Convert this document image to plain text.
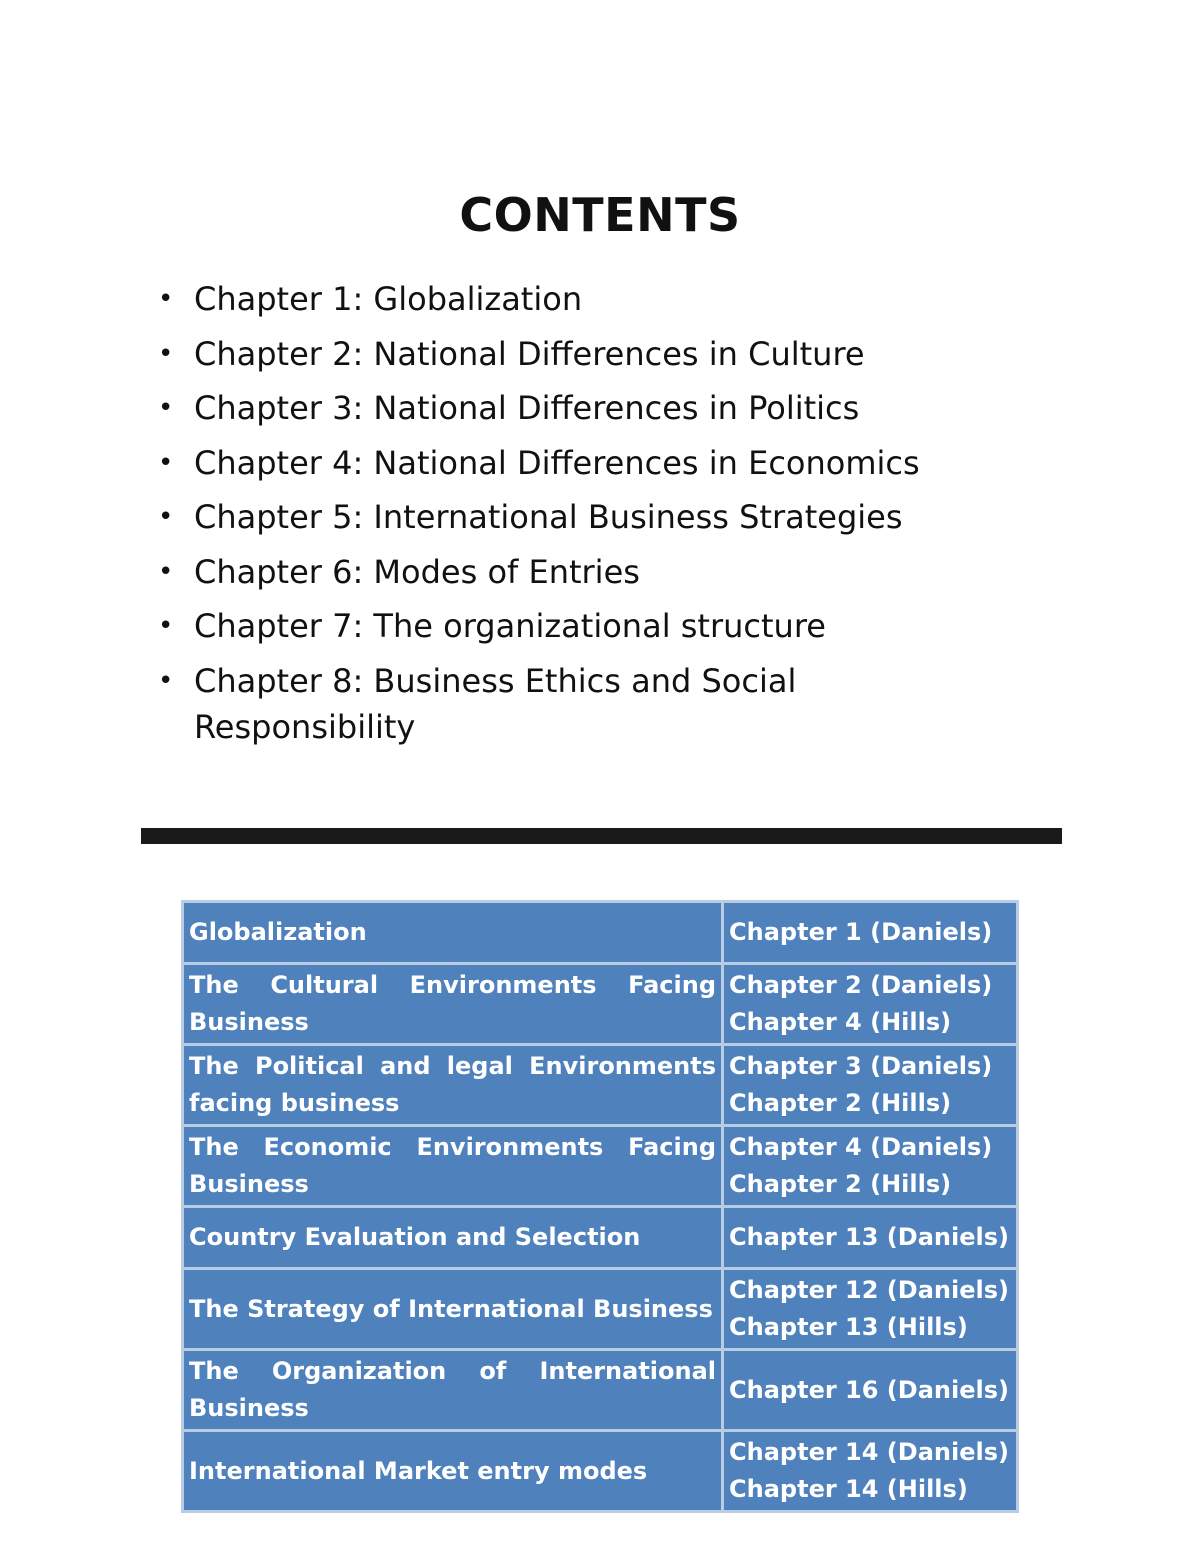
CONTENTS
• Chapter 1: Globalization
• Chapter 2: National Differences in Culture
• Chapter 3: National Differences in Politics
• Chapter 4: National Differences in Economics
• Chapter 5: International Business Strategies
• Chapter 6: Modes of Entries
• Chapter 7: The organizational structure
• Chapter 8: Business Ethics and Social Responsibility
Globalization	Chapter 1 (Daniels)

The Cultural Environments Facing Business	Chapter 2 (Daniels)
Chapter 4 (Hills)

The Political and legal Environments facing business	Chapter 3 (Daniels)
Chapter 2 (Hills)

The Economic Environments Facing Business	Chapter 4 (Daniels)
Chapter 2 (Hills)

Country Evaluation and Selection	Chapter 13 (Daniels)

The Strategy of International Business	Chapter 12 (Daniels)
Chapter 13 (Hills)

The Organization of International Business	Chapter 16 (Daniels)

International Market entry modes	Chapter 14 (Daniels)
Chapter 14 (Hills)
